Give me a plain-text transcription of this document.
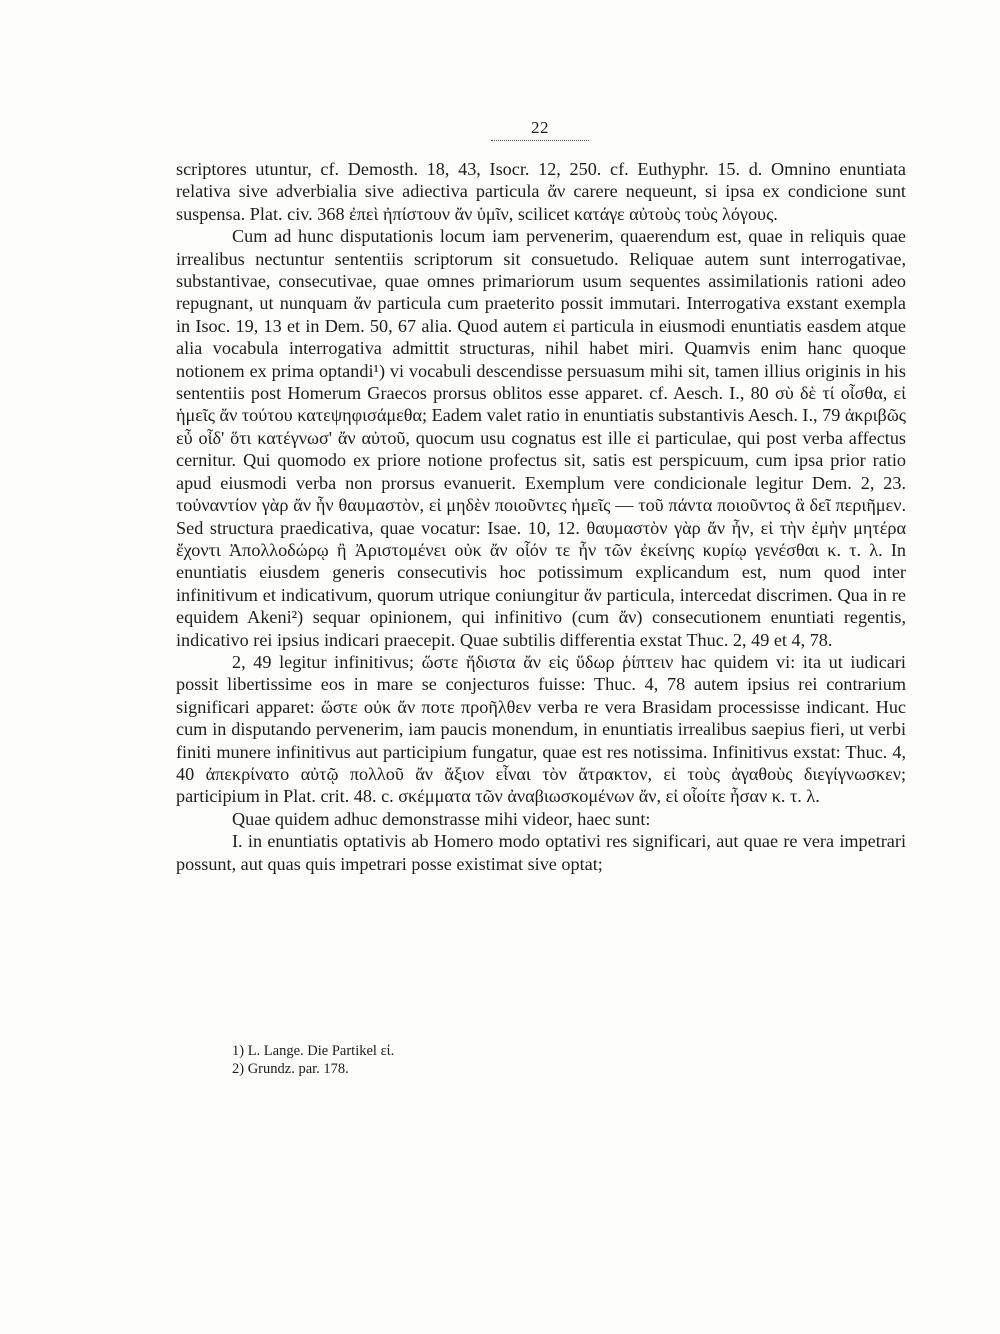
22

scriptores utuntur, cf. Demosth. 18, 43, Isocr. 12, 250. cf. Euthyphr. 15. d. Omnino enuntiata relativa sive adverbialia sive adiectiva particula ἄν carere nequeunt, si ipsa ex condicione sunt suspensa. Plat. civ. 368 ἐπεὶ ἠπίστουν ἄν ὑμῖν, scilicet κατάγε αὐτοὺς τοὺς λόγους.

Cum ad hunc disputationis locum iam pervenerim, quaerendum est, quae in reliquis quae irrealibus nectuntur sententiis scriptorum sit consuetudo. Reliquae autem sunt interrogativae, substantivae, consecutivae, quae omnes primariorum usum sequentes assimilationis rationi adeo repugnant, ut nunquam ἄν particula cum praeterito possit immutari. Interrogativa exstant exempla in Isoc. 19, 13 et in Dem. 50, 67 alia. Quod autem εἰ particula in eiusmodi enuntiatis easdem atque alia vocabula interrogativa admittit structuras, nihil habet miri. Quamvis enim hanc quoque notionem ex prima optandi¹) vi vocabuli descendisse persuasum mihi sit, tamen illius originis in his sententiis post Homerum Graecos prorsus oblitos esse apparet. cf. Aesch. I., 80 σὺ δὲ τί οἶσθα, εἰ ἡμεῖς ἄν τούτου κατεψηφισάμεθα; Eadem valet ratio in enuntiatis substantivis Aesch. I., 79 ἀκριβῶς εὖ οἶδ' ὅτι κατέγνωσ' ἄν αὐτοῦ, quocum usu cognatus est ille εἰ particulae, qui post verba affectus cernitur. Qui quomodo ex priore notione profectus sit, satis est perspicuum, cum ipsa prior ratio apud eiusmodi verba non prorsus evanuerit. Exemplum vere condicionale legitur Dem. 2, 23. τοὐναντίον γὰρ ἄν ἦν θαυμαστὸν, εἰ μηδὲν ποιοῦντες ἡμεῖς — τοῦ πάντα ποιοῦντος ἃ δεῖ περιῆμεν. Sed structura praedicativa, quae vocatur: Isae. 10, 12. θαυμαστὸν γὰρ ἄν ἦν, εἰ τὴν ἐμὴν μητέρα ἔχοντι Ἀπολλοδώρῳ ἢ Ἀριστομένει οὐκ ἄν οἷόν τε ἦν τῶν ἐκείνης κυρίῳ γενέσθαι κ. τ. λ. In enuntiatis eiusdem generis consecutivis hoc potissimum explicandum est, num quod inter infinitivum et indicativum, quorum utrique coniungitur ἄν particula, intercedat discrimen. Qua in re equidem Akeni²) sequar opinionem, qui infinitivo (cum ἄν) consecutionem enuntiati regentis, indicativo rei ipsius indicari praecepit. Quae subtilis differentia exstat Thuc. 2, 49 et 4, 78.

2, 49 legitur infinitivus; ὥστε ἥδιστα ἄν εἰς ὕδωρ ῥίπτειν hac quidem vi: ita ut iudicari possit libertissime eos in mare se conjecturos fuisse: Thuc. 4, 78 autem ipsius rei contrarium significari apparet: ὥστε οὐκ ἄν ποτε προῆλθεν verba re vera Brasidam processisse indicant. Huc cum in disputando pervenerim, iam paucis monendum, in enuntiatis irrealibus saepius fieri, ut verbi finiti munere infinitivus aut participium fungatur, quae est res notissima. Infinitivus exstat: Thuc. 4, 40 ἀπεκρίνατο αὐτῷ πολλοῦ ἄν ἄξιον εἶναι τὸν ἄτρακτον, εἰ τοὺς ἀγαθοὺς διεγίγνωσκεν; participium in Plat. crit. 48. c. σκέμματα τῶν ἀναβιωσκομένων ἄν, εἰ οἷοίτε ἦσαν κ. τ. λ.

Quae quidem adhuc demonstrasse mihi videor, haec sunt:

I. in enuntiatis optativis ab Homero modo optativi res significari, aut quae re vera impetrari possunt, aut quas quis impetrari posse existimat sive optat;

1) L. Lange. Die Partikel εἰ.

2) Grundz. par. 178.
